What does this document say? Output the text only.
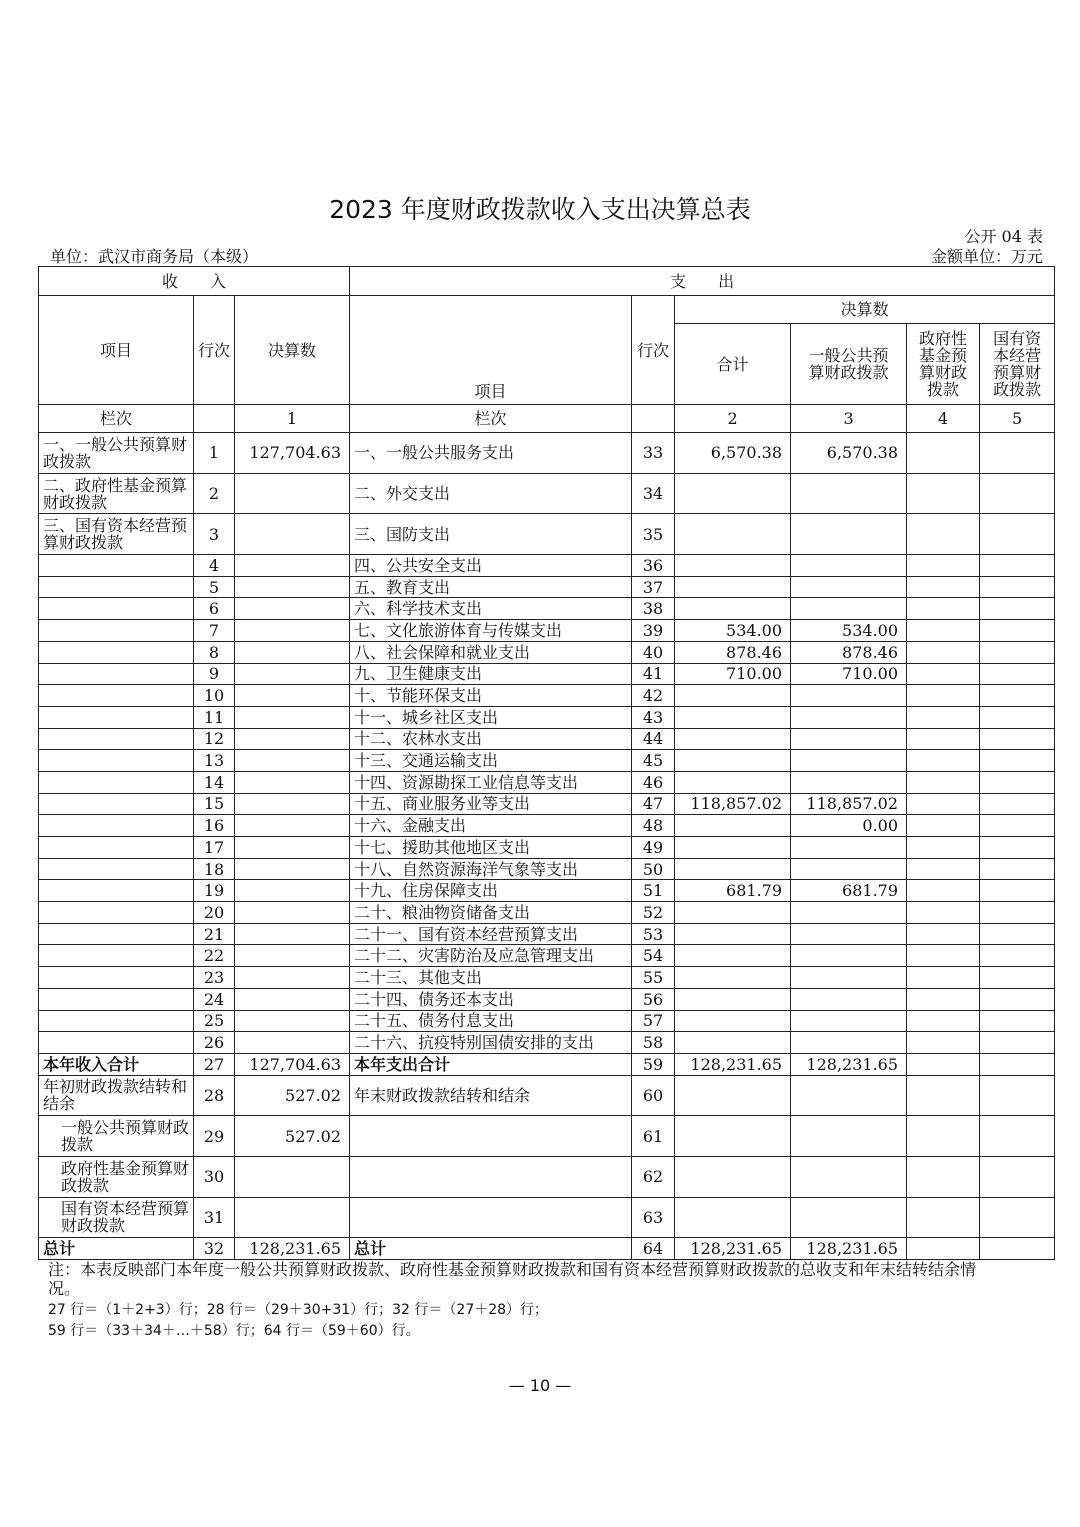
2023 年度财政拨款收入支出决算总表
公开 04 表
单位：武汉市商务局（本级）	金额单位：万元
收　　入			支　　出					
项目	行次	决算数	项目	行次	决算数			
					合计	一般公共预算财政拨款	政府性基金预算财政拨款	国有资本经营预算财政拨款
栏次		1	栏次		2	3	4	5
一、一般公共预算财政拨款	1	127,704.63	一、一般公共服务支出	33	6,570.38	6,570.38		
二、政府性基金预算财政拨款	2		二、外交支出	34				
三、国有资本经营预算财政拨款	3		三、国防支出	35				
	4		四、公共安全支出	36				
	5		五、教育支出	37				
	6		六、科学技术支出	38				
	7		七、文化旅游体育与传媒支出	39	534.00	534.00		
	8		八、社会保障和就业支出	40	878.46	878.46		
	9		九、卫生健康支出	41	710.00	710.00		
	10		十、节能环保支出	42				
	11		十一、城乡社区支出	43				
	12		十二、农林水支出	44				
	13		十三、交通运输支出	45				
	14		十四、资源勘探工业信息等支出	46				
	15		十五、商业服务业等支出	47	118,857.02	118,857.02		
	16		十六、金融支出	48		0.00		
	17		十七、援助其他地区支出	49				
	18		十八、自然资源海洋气象等支出	50				
	19		十九、住房保障支出	51	681.79	681.79		
	20		二十、粮油物资储备支出	52				
	21		二十一、国有资本经营预算支出	53				
	22		二十二、灾害防治及应急管理支出	54				
	23		二十三、其他支出	55				
	24		二十四、债务还本支出	56				
	25		二十五、债务付息支出	57				
	26		二十六、抗疫特别国债安排的支出	58				
本年收入合计	27	127,704.63	本年支出合计	59	128,231.65	128,231.65		
年初财政拨款结转和结余	28	527.02	年末财政拨款结转和结余	60				
一般公共预算财政拨款	29	527.02		61				
政府性基金预算财政拨款	30			62				
国有资本经营预算财政拨款	31			63				
总计	32	128,231.65	总计	64	128,231.65	128,231.65		
注：本表反映部门本年度一般公共预算财政拨款、政府性基金预算财政拨款和国有资本经营预算财政拨款的总收支和年末结转结余情况。
27 行＝（1＋2+3）行；28 行＝（29＋30+31）行；32 行＝（27＋28）行；
59 行＝（33＋34＋…＋58）行；64 行＝（59＋60）行。
— 10 —
